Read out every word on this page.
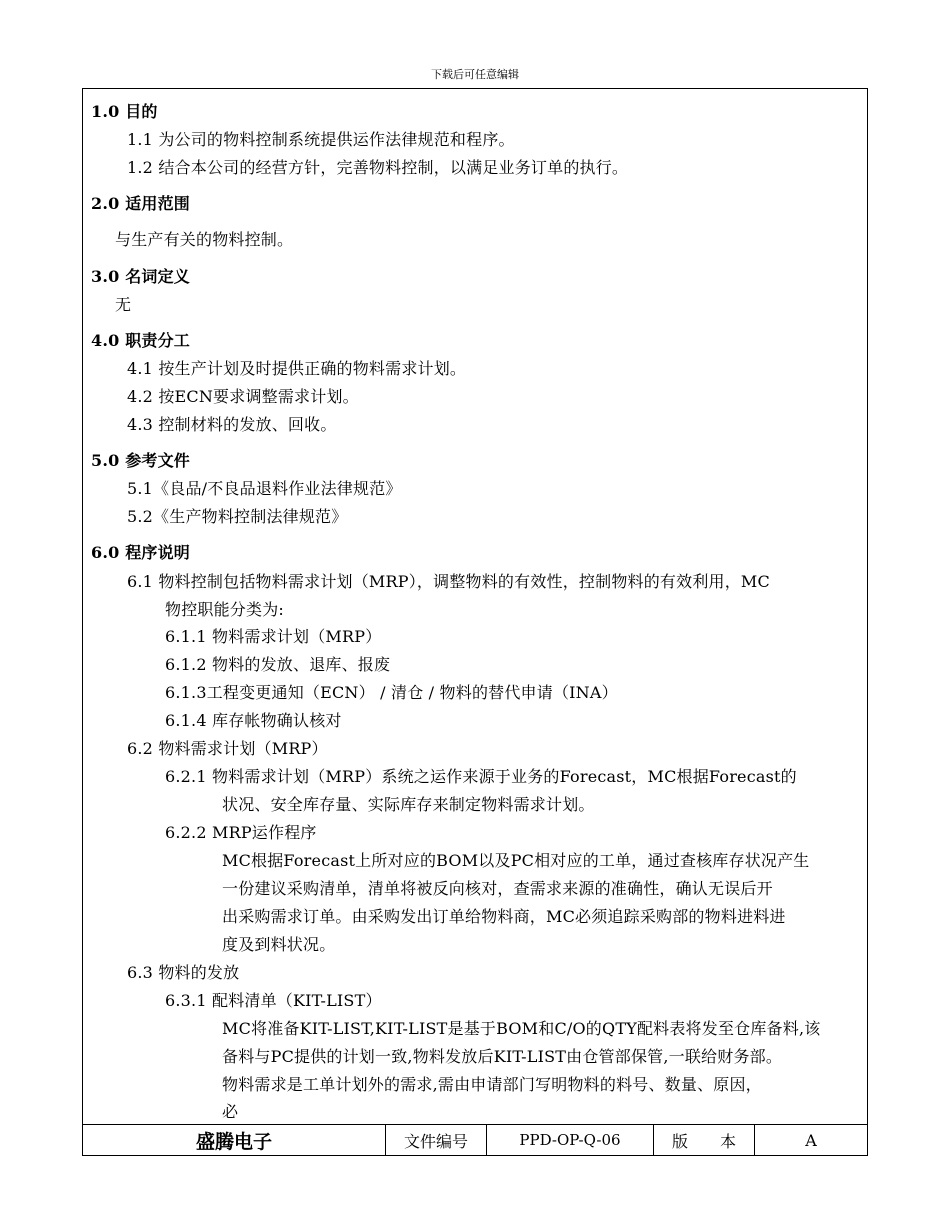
下载后可任意编辑
1.0 目的
1.1 为公司的物料控制系统提供运作法律规范和程序。
1.2 结合本公司的经营方针，完善物料控制，以满足业务订单的执行。
2.0 适用范围
与生产有关的物料控制。
3.0 名词定义
无
4.0 职责分工
4.1 按生产计划及时提供正确的物料需求计划。
4.2 按ECN要求调整需求计划。
4.3 控制材料的发放、回收。
5.0 参考文件
5.1《良品/不良品退料作业法律规范》
5.2《生产物料控制法律规范》
6.0 程序说明
6.1 物料控制包括物料需求计划（MRP），调整物料的有效性，控制物料的有效利用，MC
物控职能分类为:
6.1.1 物料需求计划（MRP）
6.1.2 物料的发放、退库、报废
6.1.3工程变更通知（ECN） / 清仓 / 物料的替代申请（INA）
6.1.4 库存帐物确认核对
6.2 物料需求计划（MRP）
6.2.1 物料需求计划（MRP）系统之运作来源于业务的Forecast，MC根据Forecast的
状况、安全库存量、实际库存来制定物料需求计划。
6.2.2 MRP运作程序
MC根据Forecast上所对应的BOM以及PC相对应的工单，通过查核库存状况产生
一份建议采购清单，清单将被反向核对，查需求来源的准确性，确认无误后开
出采购需求订单。由采购发出订单给物料商，MC必须追踪采购部的物料进料进
度及到料状况。
6.3 物料的发放
6.3.1 配料清单（KIT-LIST）
MC将准备KIT-LIST,KIT-LIST是基于BOM和C/O的QTY配料表将发至仓库备料,该
备料与PC提供的计划一致,物料发放后KIT-LIST由仓管部保管,一联给财务部。
物料需求是工单计划外的需求,需由申请部门写明物料的料号、数量、原因，
必
盛腾电子	文件编号	PPD-OP-Q-06	版　　本	A
